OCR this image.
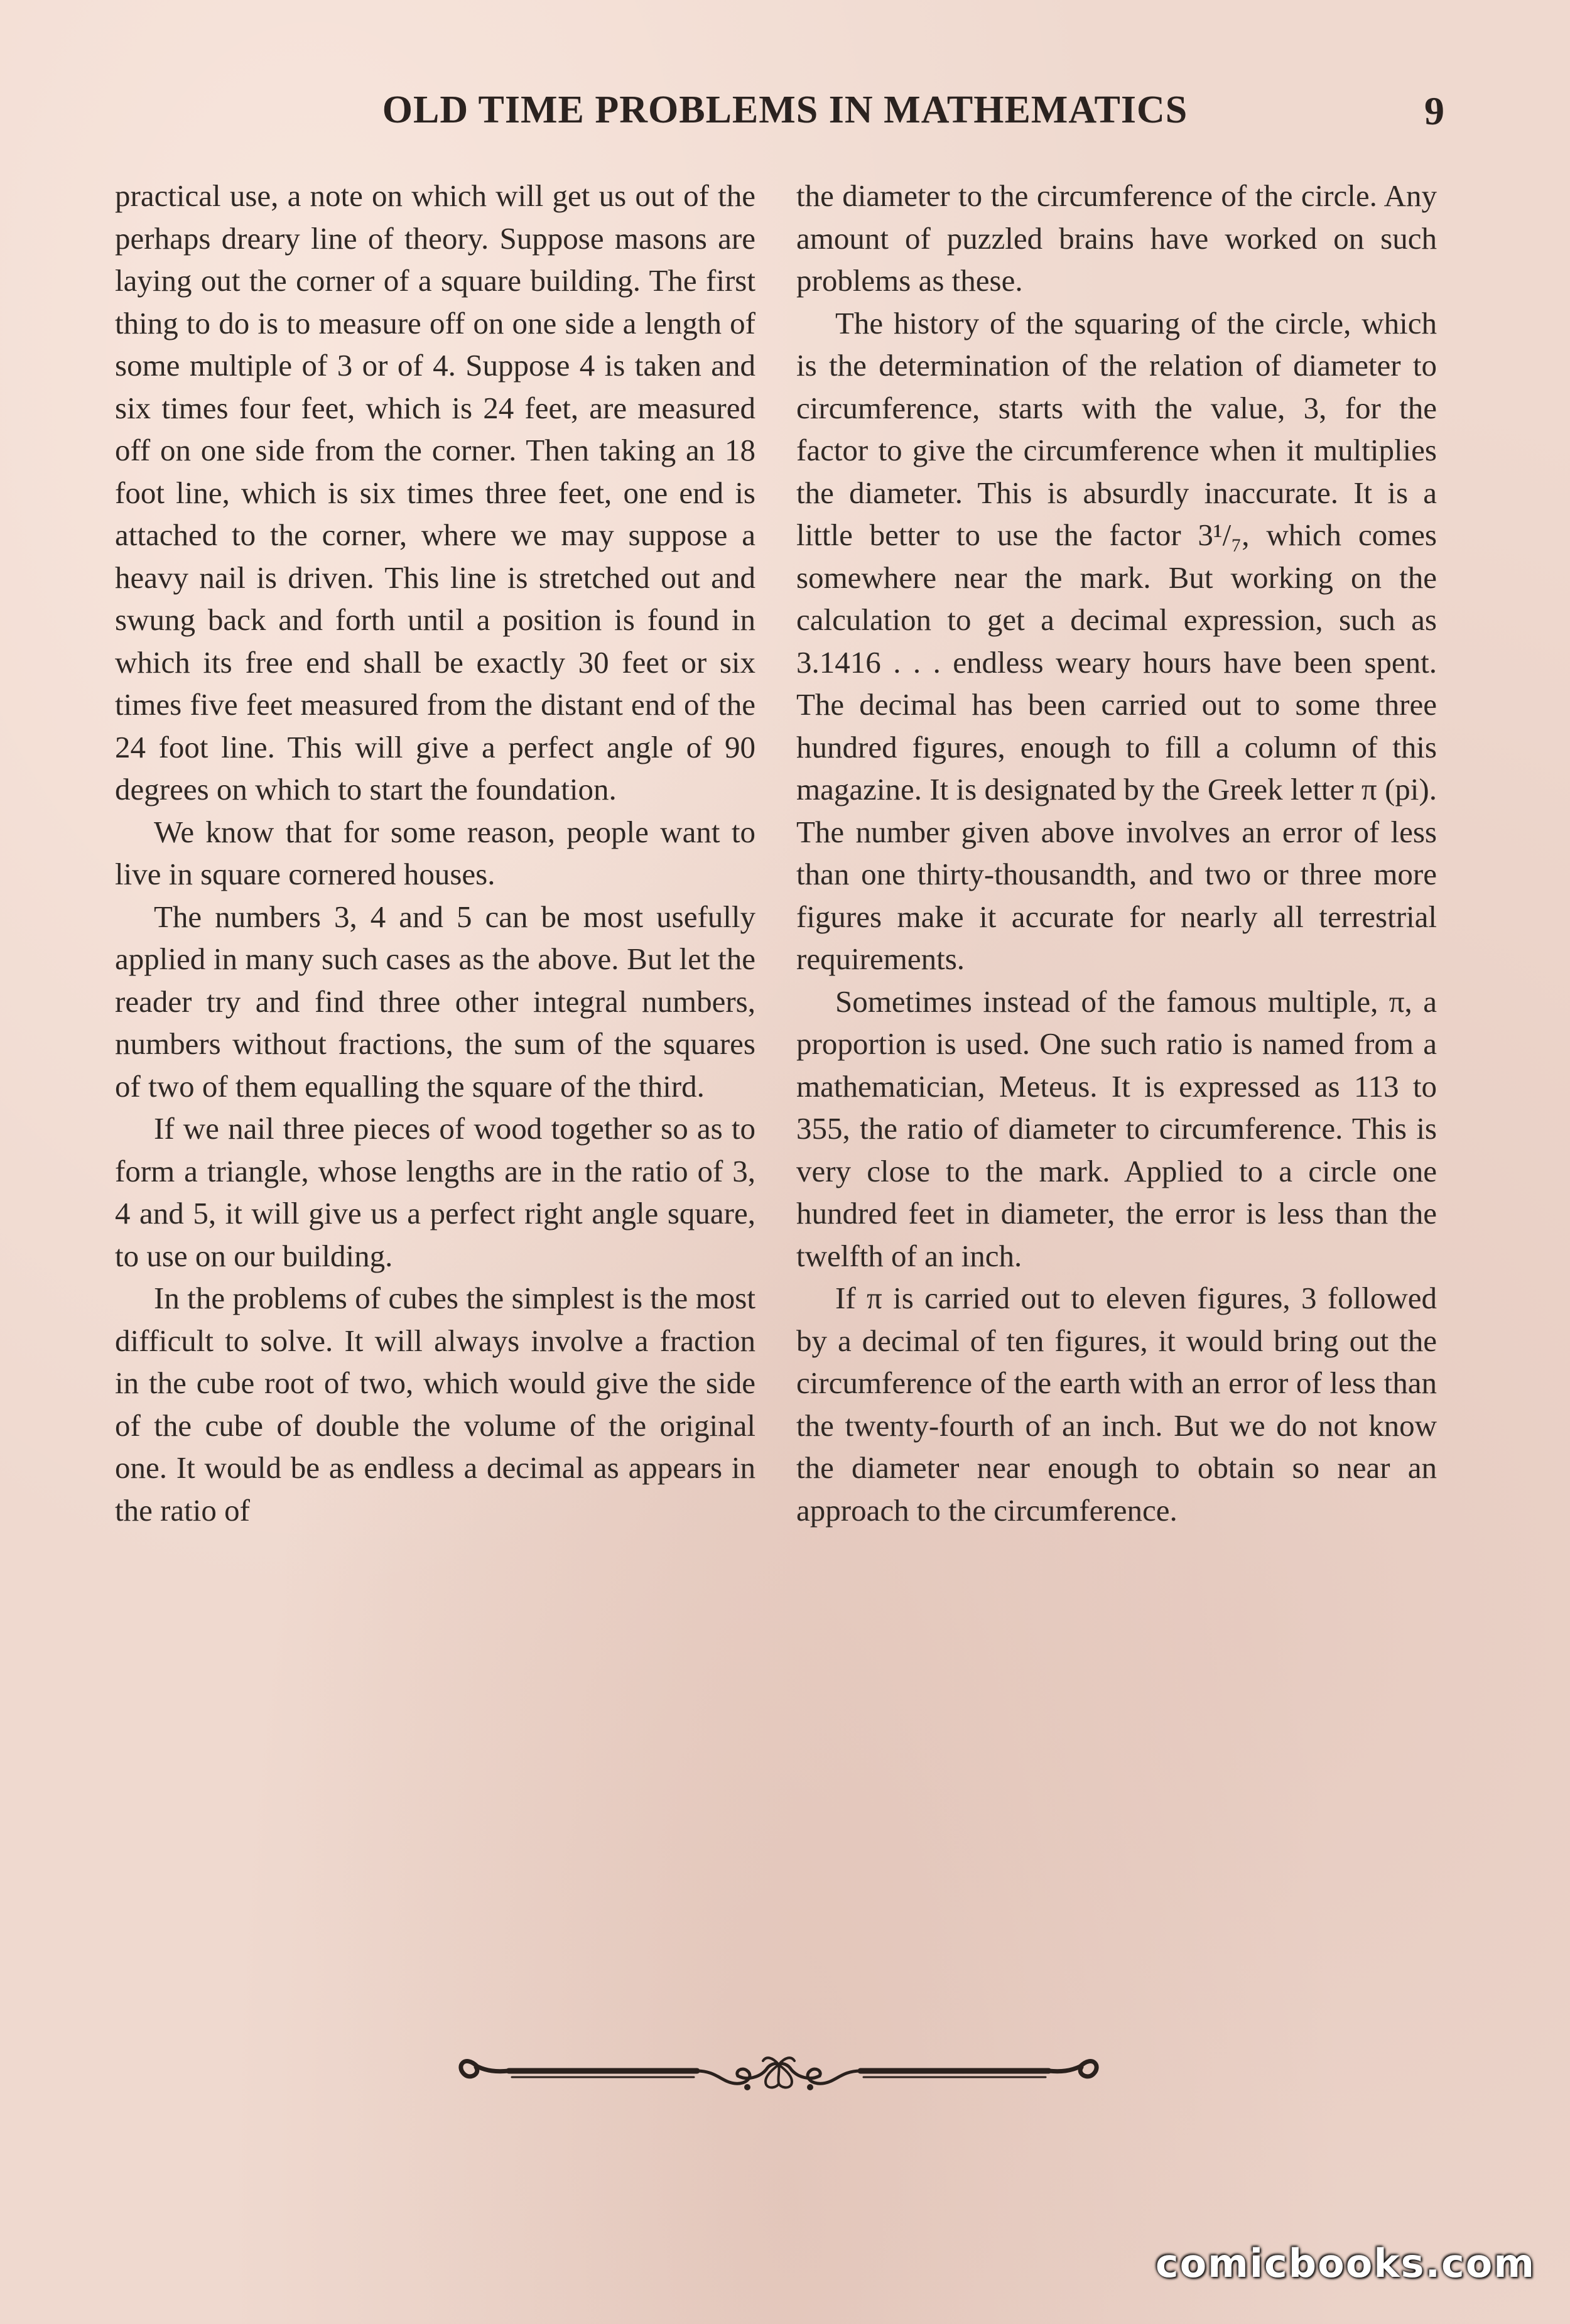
OLD TIME PROBLEMS IN MATHEMATICS	9

practical use, a note on which will get us out of the perhaps dreary line of theory. Suppose masons are laying out the corner of a square building. The first thing to do is to measure off on one side a length of some multiple of 3 or of 4. Suppose 4 is taken and six times four feet, which is 24 feet, are measured off on one side from the corner. Then taking an 18 foot line, which is six times three feet, one end is attached to the corner, where we may suppose a heavy nail is driven. This line is stretched out and swung back and forth until a position is found in which its free end shall be exactly 30 feet or six times five feet measured from the distant end of the 24 foot line. This will give a perfect angle of 90 degrees on which to start the foundation.

We know that for some reason, people want to live in square cornered houses.

The numbers 3, 4 and 5 can be most usefully applied in many such cases as the above. But let the reader try and find three other integral numbers, numbers without fractions, the sum of the squares of two of them equalling the square of the third.

If we nail three pieces of wood together so as to form a triangle, whose lengths are in the ratio of 3, 4 and 5, it will give us a perfect right angle square, to use on our building.

In the problems of cubes the simplest is the most difficult to solve. It will always involve a fraction in the cube root of two, which would give the side of the cube of double the volume of the original one. It would be as endless a decimal as appears in the ratio of

the diameter to the circumference of the circle. Any amount of puzzled brains have worked on such problems as these.

The history of the squaring of the circle, which is the determination of the relation of diameter to circumference, starts with the value, 3, for the factor to give the circumference when it multiplies the diameter. This is absurdly inaccurate. It is a little better to use the factor 3¹/₇, which comes somewhere near the mark. But working on the calculation to get a decimal expression, such as 3.1416 . . . endless weary hours have been spent. The decimal has been carried out to some three hundred figures, enough to fill a column of this magazine. It is designated by the Greek letter π (pi). The number given above involves an error of less than one thirty-thousandth, and two or three more figures make it accurate for nearly all terrestrial requirements.

Sometimes instead of the famous multiple, π, a proportion is used. One such ratio is named from a mathematician, Meteus. It is expressed as 113 to 355, the ratio of diameter to circumference. This is very close to the mark. Applied to a circle one hundred feet in diameter, the error is less than the twelfth of an inch.

If π is carried out to eleven figures, 3 followed by a decimal of ten figures, it would bring out the circumference of the earth with an error of less than the twenty-fourth of an inch. But we do not know the diameter near enough to obtain so near an approach to the circumference.

comicbooks.com
